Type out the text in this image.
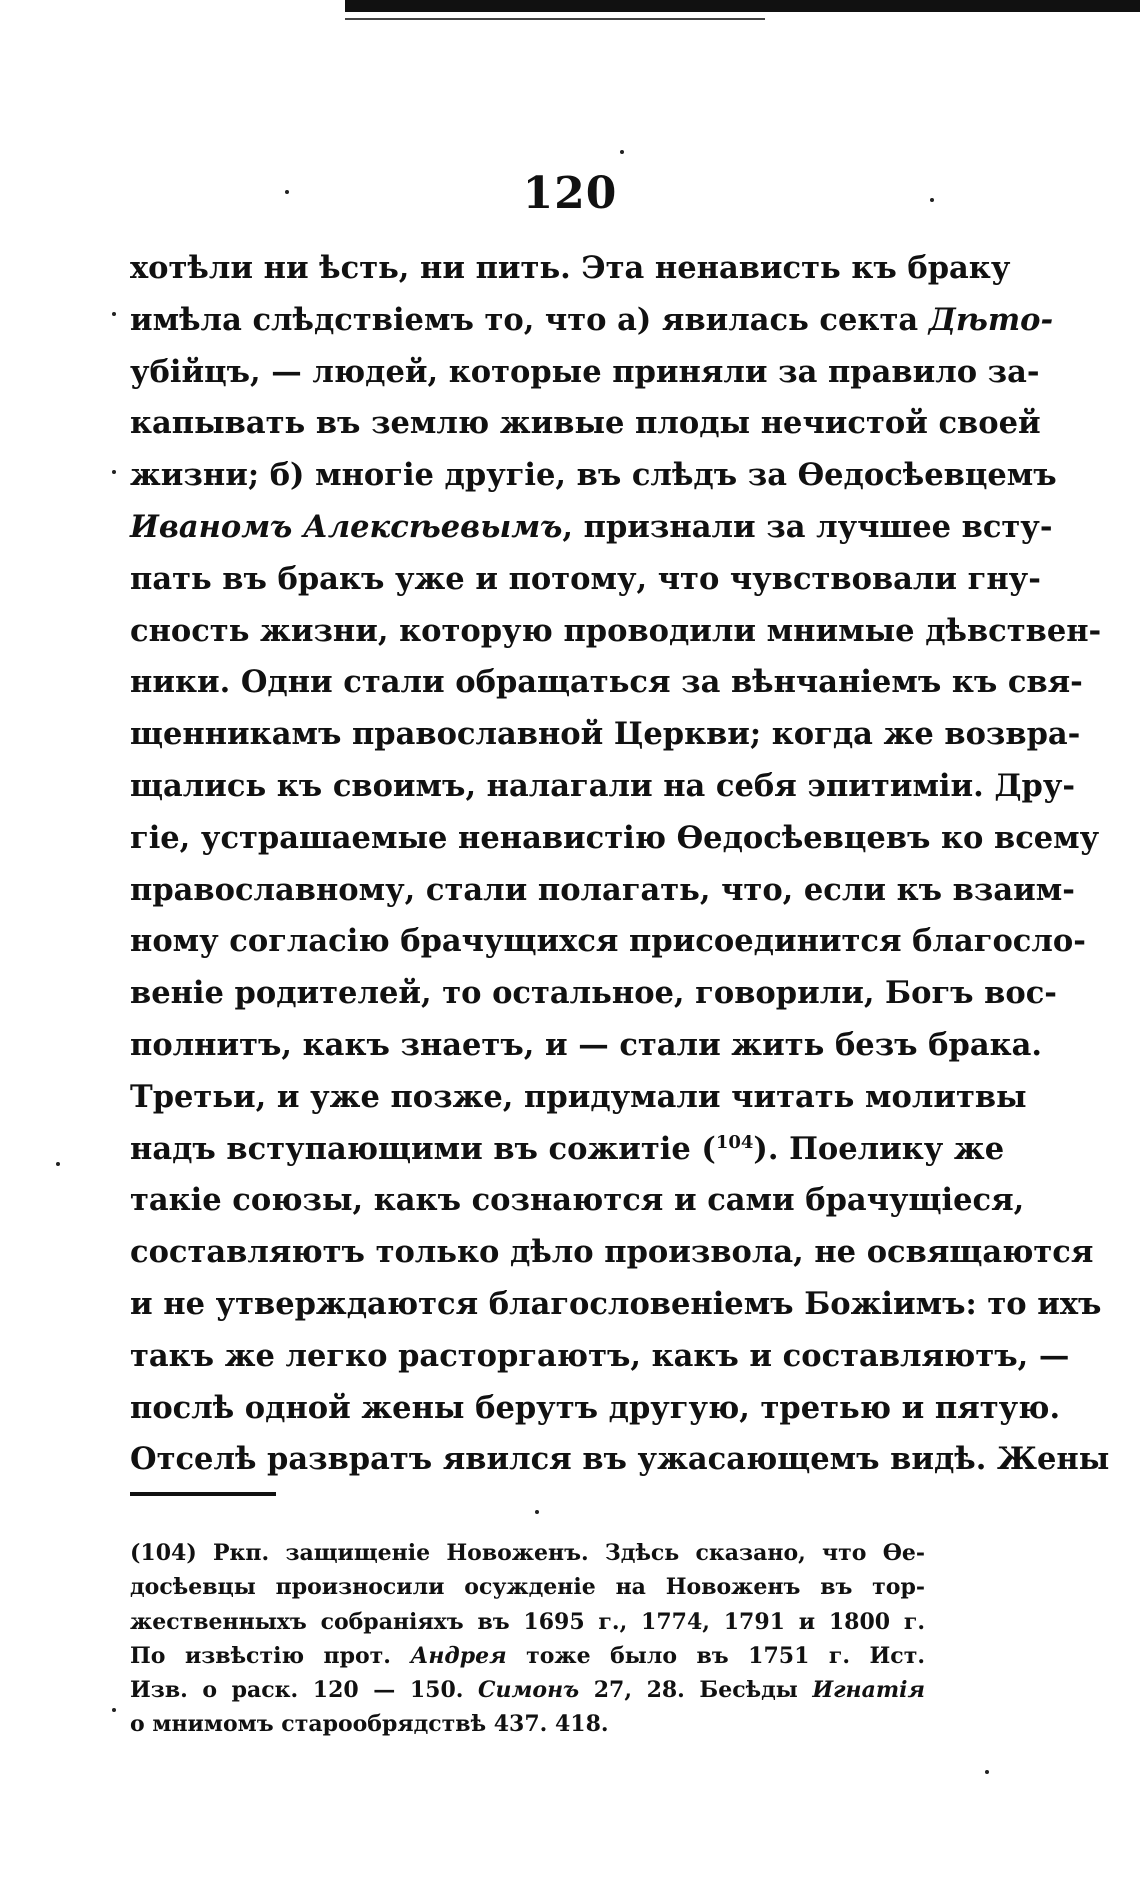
120
хотѣли ни ѣсть, ни пить. Эта ненависть къ браку
имѣла слѣдствіемъ то, что а) явилась секта Дѣто-
убійцъ, — людей, которые приняли за правило за-
капывать въ землю живые плоды нечистой своей
жизни; б) многіе другіе, въ слѣдъ за Ѳедосѣевцемъ
Иваномъ Алексѣевымъ, признали за лучшее всту-
пать въ бракъ уже и потому, что чувствовали гну-
сность жизни, которую проводили мнимые дѣвствен-
ники. Одни стали обращаться за вѣнчаніемъ къ свя-
щенникамъ православной Церкви; когда же возвра-
щались къ своимъ, налагали на себя эпитиміи. Дру-
гіе, устрашаемые ненавистію Ѳедосѣевцевъ ко всему
православному, стали полагать, что, если къ взаим-
ному согласію брачущихся присоединится благосло-
веніе родителей, то остальное, говорили, Богъ вос-
полнитъ, какъ знаетъ, и — стали жить безъ брака.
Третьи, и уже позже, придумали читать молитвы
надъ вступающими въ сожитіе ($^{104}$). Поелику же
такіе союзы, какъ сознаются и сами брачущіеся,
составляютъ только дѣло произвола, не освящаются
и не утверждаются благословеніемъ Божіимъ: то ихъ
такъ же легко расторгаютъ, какъ и составляютъ, —
послѣ одной жены берутъ другую, третью и пятую.
Отселѣ развратъ явился въ ужасающемъ видѣ. Жены
(104) Ркп. защищеніе Новоженъ. Здѣсь сказано, что Ѳе-
досѣевцы произносили осужденіе на Новоженъ въ тор-
жественныхъ собраніяхъ въ 1695 г., 1774, 1791 и 1800 г.
По извѣстію прот. Андрея тоже было въ 1751 г. Ист.
Изв. о раск. 120 — 150. Симонъ 27, 28. Бесѣды Игнатія
о мнимомъ старообрядствѣ 437. 418.
